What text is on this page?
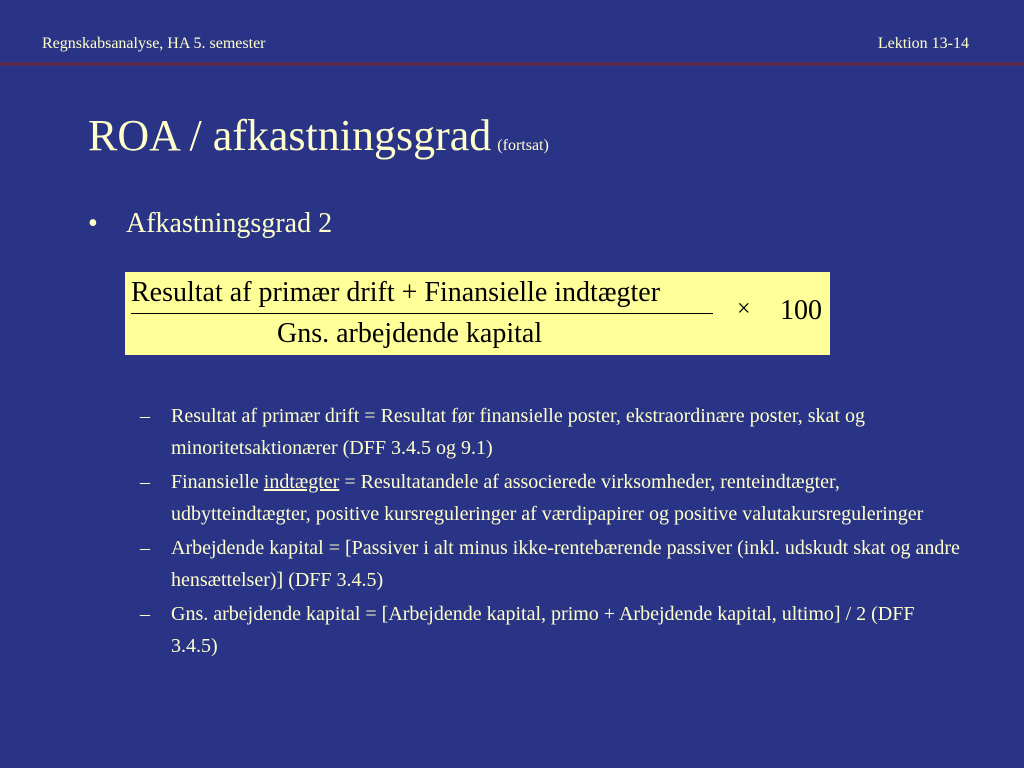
Regnskabsanalyse, HA 5. semester	Lektion 13-14
ROA / afkastningsgrad (fortsat)
• Afkastningsgrad 2
Resultat af primær drift + Finansielle indtægter
Gns. arbejdende kapital
× 100
– Resultat af primær drift = Resultat før finansielle poster, ekstraordinære poster, skat og minoritetsaktionærer (DFF 3.4.5 og 9.1)
– Finansielle indtægter = Resultatandele af associerede virksomheder, renteindtægter, udbytteindtægter, positive kursreguleringer af værdipapirer og positive valutakursreguleringer
– Arbejdende kapital = [Passiver i alt minus ikke-rentebærende passiver (inkl. udskudt skat og andre hensættelser)] (DFF 3.4.5)
– Gns. arbejdende kapital = [Arbejdende kapital, primo + Arbejdende kapital, ultimo] / 2 (DFF 3.4.5)
